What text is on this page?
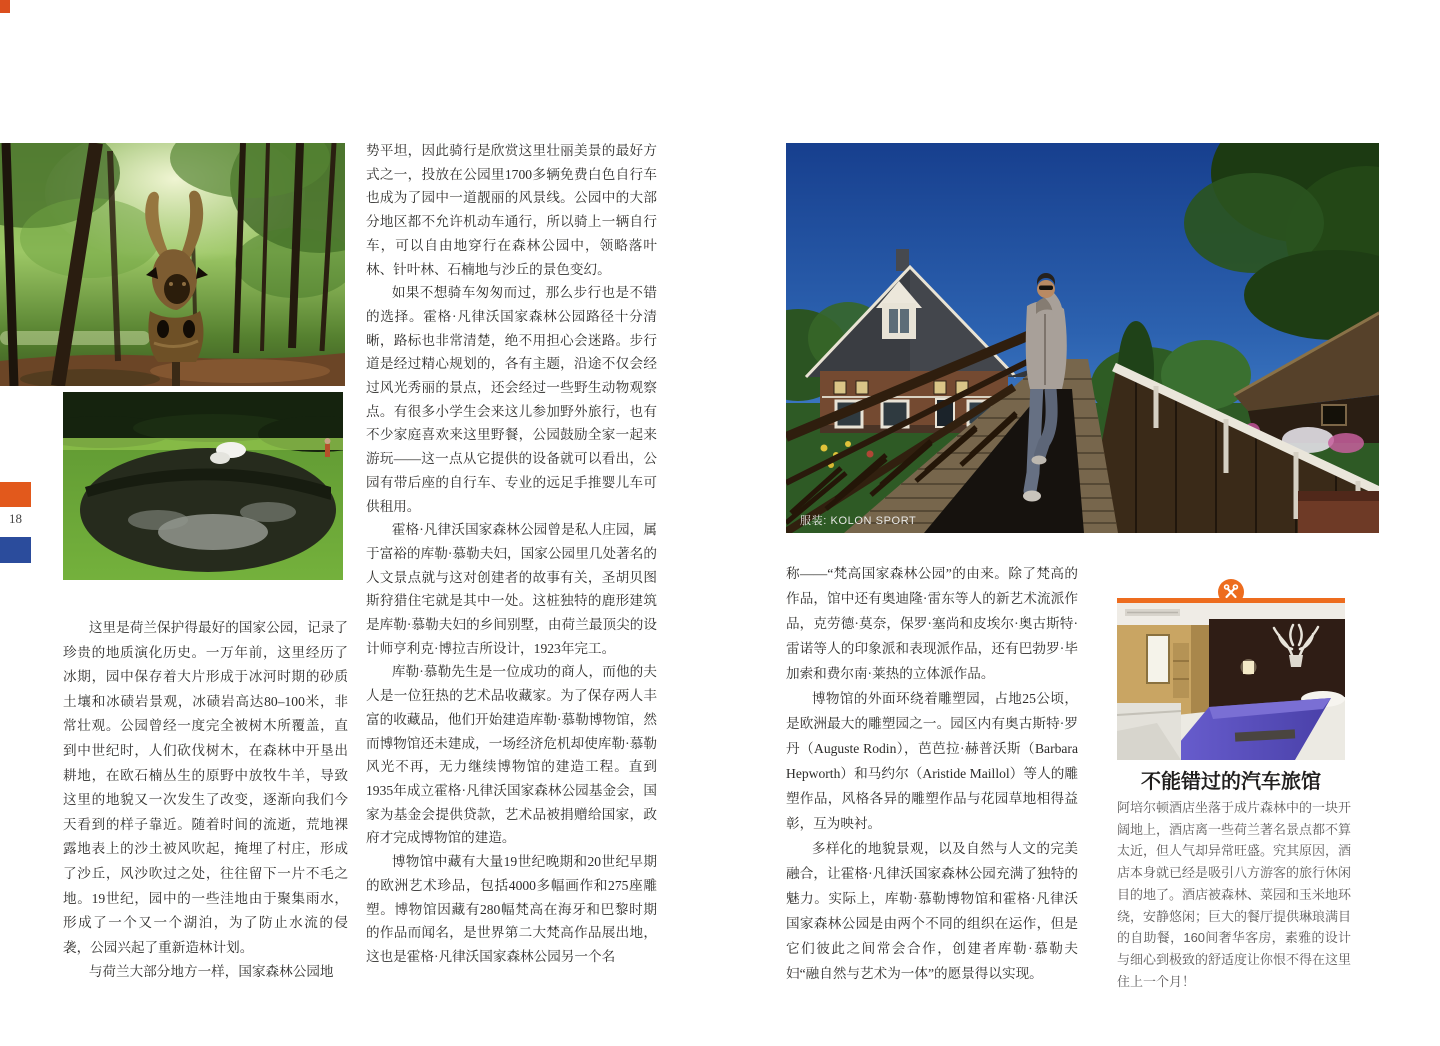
18

这里是荷兰保护得最好的国家公园，记录了珍贵的地质演化历史。一万年前，这里经历了冰期，园中保存着大片形成于冰河时期的砂质土壤和冰碛岩景观，冰碛岩高达80–100米，非常壮观。公园曾经一度完全被树木所覆盖，直到中世纪时，人们砍伐树木，在森林中开垦出耕地，在欧石楠丛生的原野中放牧牛羊，导致这里的地貌又一次发生了改变，逐渐向我们今天看到的样子靠近。随着时间的流逝，荒地裸露地表上的沙土被风吹起，掩埋了村庄，形成了沙丘，风沙吹过之处，往往留下一片不毛之地。19世纪，园中的一些洼地由于聚集雨水，形成了一个又一个湖泊，为了防止水流的侵袭，公园兴起了重新造林计划。

与荷兰大部分地方一样，国家森林公园地

势平坦，因此骑行是欣赏这里壮丽美景的最好方式之一，投放在公园里1700多辆免费白色自行车也成为了园中一道靓丽的风景线。公园中的大部分地区都不允许机动车通行，所以骑上一辆自行车，可以自由地穿行在森林公园中，领略落叶林、针叶林、石楠地与沙丘的景色变幻。

如果不想骑车匆匆而过，那么步行也是不错的选择。霍格·凡律沃国家森林公园路径十分清晰，路标也非常清楚，绝不用担心会迷路。步行道是经过精心规划的，各有主题，沿途不仅会经过风光秀丽的景点，还会经过一些野生动物观察点。有很多小学生会来这儿参加野外旅行，也有不少家庭喜欢来这里野餐，公园鼓励全家一起来游玩——这一点从它提供的设备就可以看出，公园有带后座的自行车、专业的远足手推婴儿车可供租用。

霍格·凡律沃国家森林公园曾是私人庄园，属于富裕的库勒·慕勒夫妇，国家公园里几处著名的人文景点就与这对创建者的故事有关，圣胡贝图斯狩猎住宅就是其中一处。这桩独特的鹿形建筑是库勒·慕勒夫妇的乡间别墅，由荷兰最顶尖的设计师亨利克·博拉吉所设计，1923年完工。

库勒·慕勒先生是一位成功的商人，而他的夫人是一位狂热的艺术品收藏家。为了保存两人丰富的收藏品，他们开始建造库勒·慕勒博物馆，然而博物馆还未建成，一场经济危机却使库勒·慕勒风光不再，无力继续博物馆的建造工程。直到1935年成立霍格·凡律沃国家森林公园基金会，国家为基金会提供贷款，艺术品被捐赠给国家，政府才完成博物馆的建造。

博物馆中藏有大量19世纪晚期和20世纪早期的欧洲艺术珍品，包括4000多幅画作和275座雕塑。博物馆因藏有280幅梵高在海牙和巴黎时期的作品而闻名，是世界第二大梵高作品展出地，这也是霍格·凡律沃国家森林公园另一个名

服装: KOLON SPORT

称——“梵高国家森林公园”的由来。除了梵高的作品，馆中还有奥迪隆·雷东等人的新艺术流派作品，克劳德·莫奈，保罗·塞尚和皮埃尔·奥古斯特·雷诺等人的印象派和表现派作品，还有巴勃罗·毕加索和费尔南·莱热的立体派作品。

博物馆的外面环绕着雕塑园，占地25公顷，是欧洲最大的雕塑园之一。园区内有奥古斯特·罗丹（Auguste Rodin），芭芭拉·赫普沃斯（Barbara Hepworth）和马约尔（Aristide Maillol）等人的雕塑作品，风格各异的雕塑作品与花园草地相得益彰，互为映衬。

多样化的地貌景观，以及自然与人文的完美融合，让霍格·凡律沃国家森林公园充满了独特的魅力。实际上，库勒·慕勒博物馆和霍格·凡律沃国家森林公园是由两个不同的组织在运作，但是它们彼此之间常会合作，创建者库勒·慕勒夫妇“融自然与艺术为一体”的愿景得以实现。

不能错过的汽车旅馆
阿培尔顿酒店坐落于成片森林中的一块开阔地上，酒店离一些荷兰著名景点都不算太近，但人气却异常旺盛。究其原因，酒店本身就已经是吸引八方游客的旅行休闲目的地了。酒店被森林、菜园和玉米地环绕，安静悠闲；巨大的餐厅提供琳琅满目的自助餐，160间奢华客房，素雅的设计与细心到极致的舒适度让你恨不得在这里住上一个月！
